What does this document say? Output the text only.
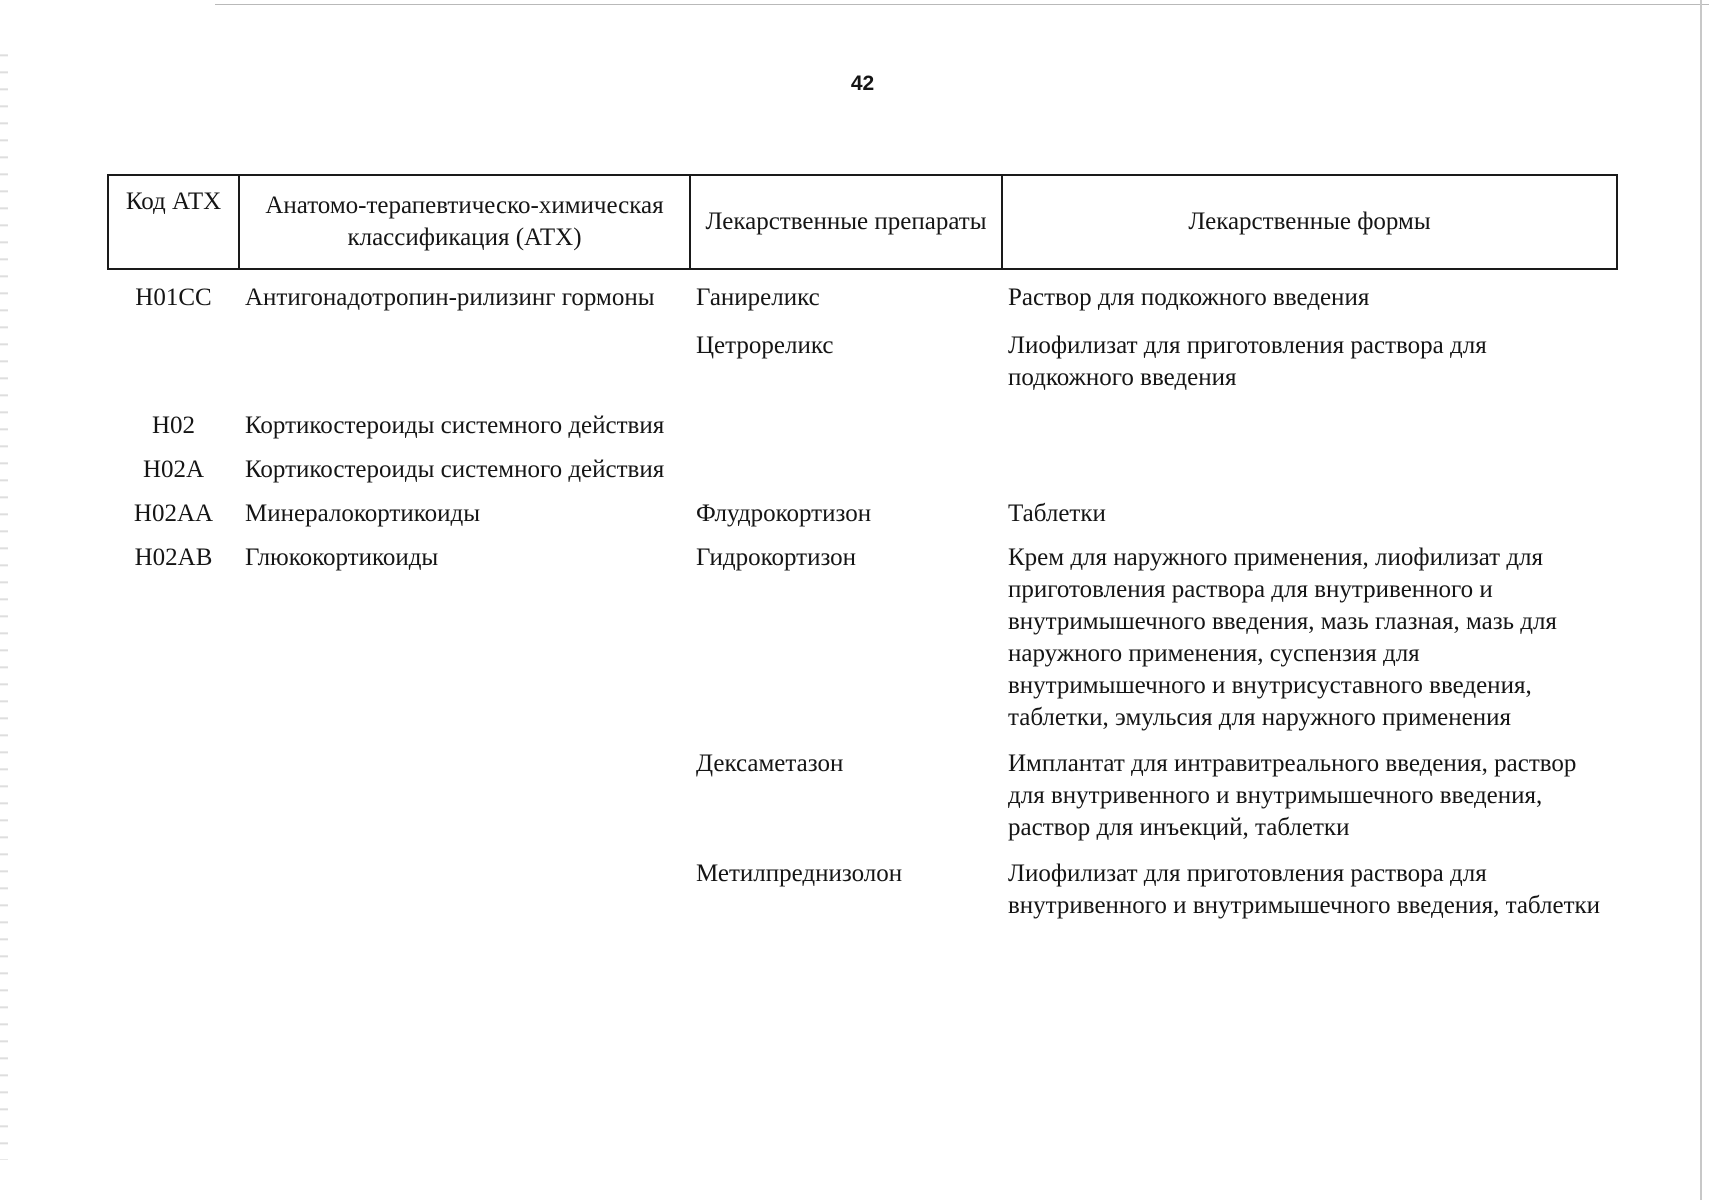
42
Код АТХ	Анатомо-терапевтическо-химическая классификация (АТХ)	Лекарственные препараты	Лекарственные формы
H01CC	Антигонадотропин-рилизинг гормоны	Ганиреликс	Раствор для подкожного введения
		Цетрореликс	Лиофилизат для приготовления раствора для подкожного введения
H02	Кортикостероиды системного действия		
H02A	Кортикостероиды системного действия		
H02AA	Минералокортикоиды	Флудрокортизон	Таблетки
H02AB	Глюкокортикоиды	Гидрокортизон	Крем для наружного применения, лиофилизат для приготовления раствора для внутривенного и внутримышечного введения, мазь глазная, мазь для наружного применения, суспензия для внутримышечного и внутрисуставного введения, таблетки, эмульсия для наружного применения
		Дексаметазон	Имплантат для интравитреального введения, раствор для внутривенного и внутримышечного введения, раствор для инъекций, таблетки
		Метилпреднизолон	Лиофилизат для приготовления раствора для внутривенного и внутримышечного введения, таблетки
